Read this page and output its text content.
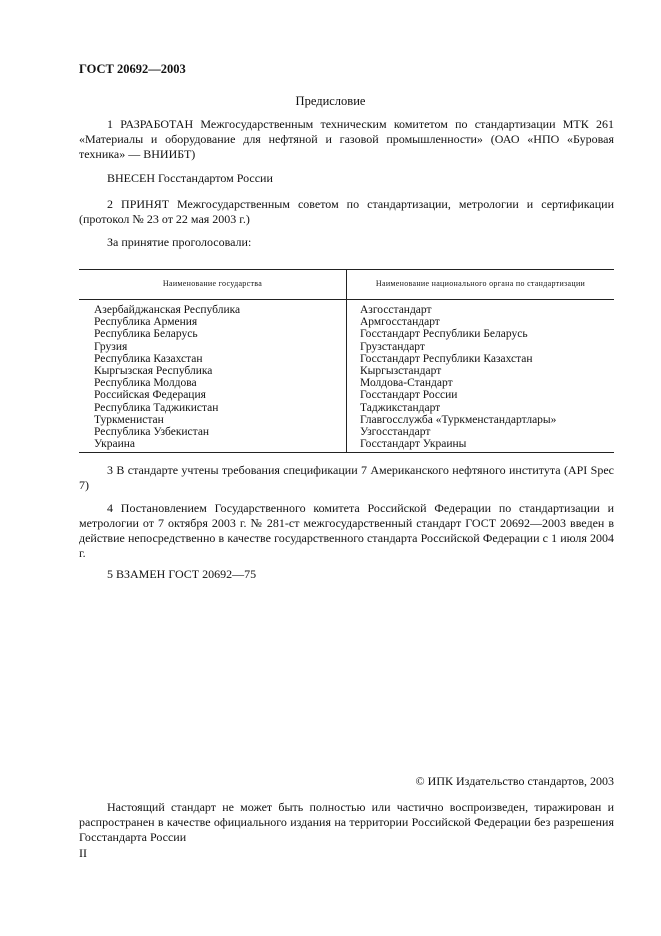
ГОСТ 20692—2003
Предисловие
1 РАЗРАБОТАН Межгосударственным техническим комитетом по стандартизации МТК 261 «Материалы и оборудование для нефтяной и газовой промышленности» (ОАО «НПО «Буровая техника» — ВНИИБТ)
ВНЕСЕН Госстандартом России
2 ПРИНЯТ Межгосударственным советом по стандартизации, метрологии и сертификации (протокол № 23 от 22 мая 2003 г.)
За принятие проголосовали:
Наименование государства	Наименование национального органа по стандартизации
Азербайджанская Республика	Азгосстандарт
Республика Армения	Армгосстандарт
Республика Беларусь	Госстандарт Республики Беларусь
Грузия	Грузстандарт
Республика Казахстан	Госстандарт Республики Казахстан
Кыргызская Республика	Кыргызстандарт
Республика Молдова	Молдова-Стандарт
Российская Федерация	Госстандарт России
Республика Таджикистан	Таджикстандарт
Туркменистан	Главгосслужба «Туркменстандартлары»
Республика Узбекистан	Узгосстандарт
Украина	Госстандарт Украины
3 В стандарте учтены требования спецификации 7 Американского нефтяного института (API Spec 7)
4 Постановлением Государственного комитета Российской Федерации по стандартизации и метрологии от 7 октября 2003 г. № 281-ст межгосударственный стандарт ГОСТ 20692—2003 введен в действие непосредственно в качестве государственного стандарта Российской Федерации с 1 июля 2004 г.
5 ВЗАМЕН ГОСТ 20692—75
© ИПК Издательство стандартов, 2003
Настоящий стандарт не может быть полностью или частично воспроизведен, тиражирован и распространен в качестве официального издания на территории Российской Федерации без разрешения Госстандарта России
II
